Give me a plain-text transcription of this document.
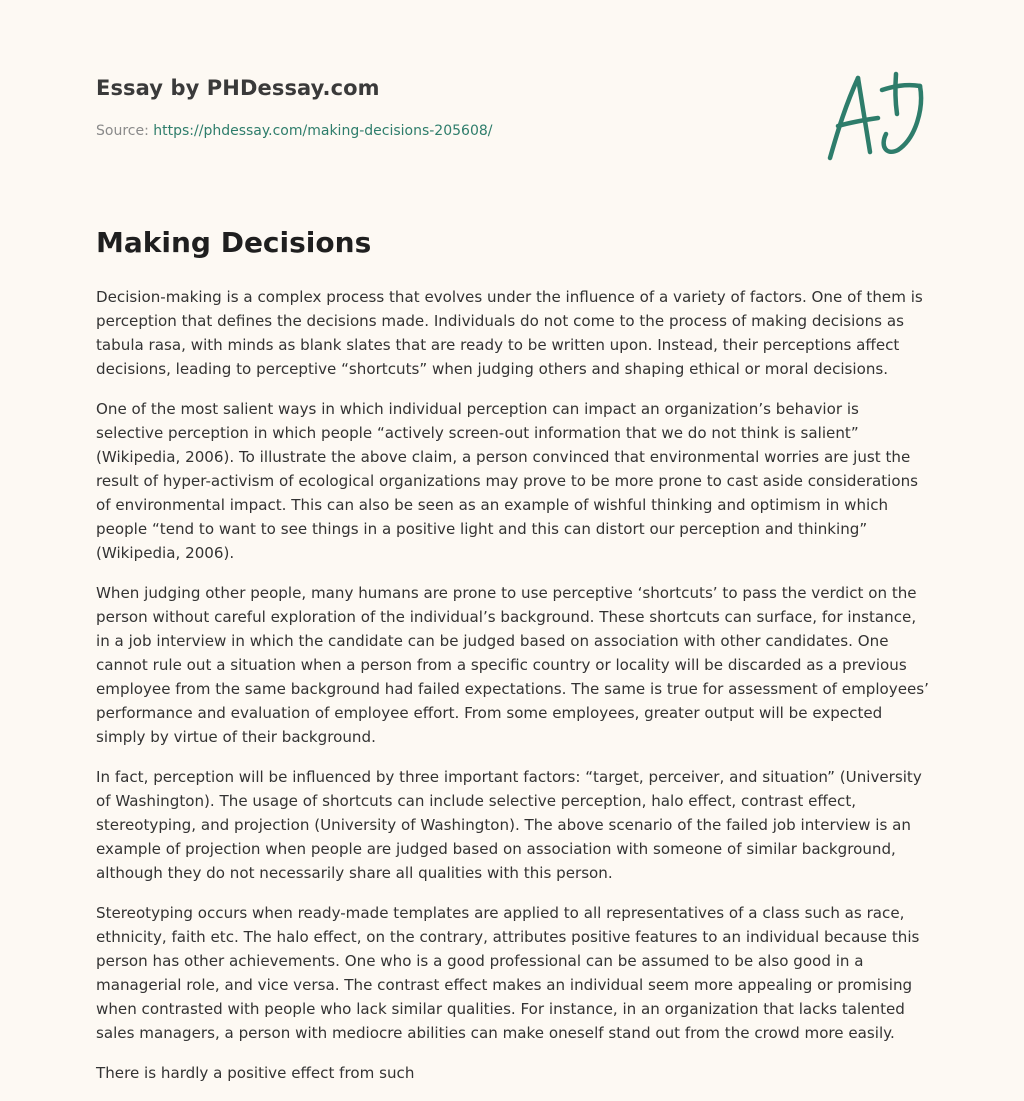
Essay by PHDessay.com
Source: https://phdessay.com/making-decisions-205608/
Making Decisions

Decision-making is a complex process that evolves under the influence of a variety of factors. One of them is perception that defines the decisions made. Individuals do not come to the process of making decisions as tabula rasa, with minds as blank slates that are ready to be written upon. Instead, their perceptions affect decisions, leading to perceptive “shortcuts” when judging others and shaping ethical or moral decisions.

One of the most salient ways in which individual perception can impact an organization’s behavior is selective perception in which people “actively screen-out information that we do not think is salient” (Wikipedia, 2006). To illustrate the above claim, a person convinced that environmental worries are just the result of hyper-activism of ecological organizations may prove to be more prone to cast aside considerations of environmental impact. This can also be seen as an example of wishful thinking and optimism in which people “tend to want to see things in a positive light and this can distort our perception and thinking” (Wikipedia, 2006).

When judging other people, many humans are prone to use perceptive ‘shortcuts’ to pass the verdict on the person without careful exploration of the individual’s background. These shortcuts can surface, for instance, in a job interview in which the candidate can be judged based on association with other candidates. One cannot rule out a situation when a person from a specific country or locality will be discarded as a previous employee from the same background had failed expectations. The same is true for assessment of employees’ performance and evaluation of employee effort. From some employees, greater output will be expected simply by virtue of their background.

In fact, perception will be influenced by three important factors: “target, perceiver, and situation” (University of Washington). The usage of shortcuts can include selective perception, halo effect, contrast effect, stereotyping, and projection (University of Washington). The above scenario of the failed job interview is an example of projection when people are judged based on association with someone of similar background, although they do not necessarily share all qualities with this person.

Stereotyping occurs when ready-made templates are applied to all representatives of a class such as race, ethnicity, faith etc. The halo effect, on the contrary, attributes positive features to an individual because this person has other achievements. One who is a good professional can be assumed to be also good in a managerial role, and vice versa. The contrast effect makes an individual seem more appealing or promising when contrasted with people who lack similar qualities. For instance, in an organization that lacks talented sales managers, a person with mediocre abilities can make oneself stand out from the crowd more easily.

There is hardly a positive effect from such
